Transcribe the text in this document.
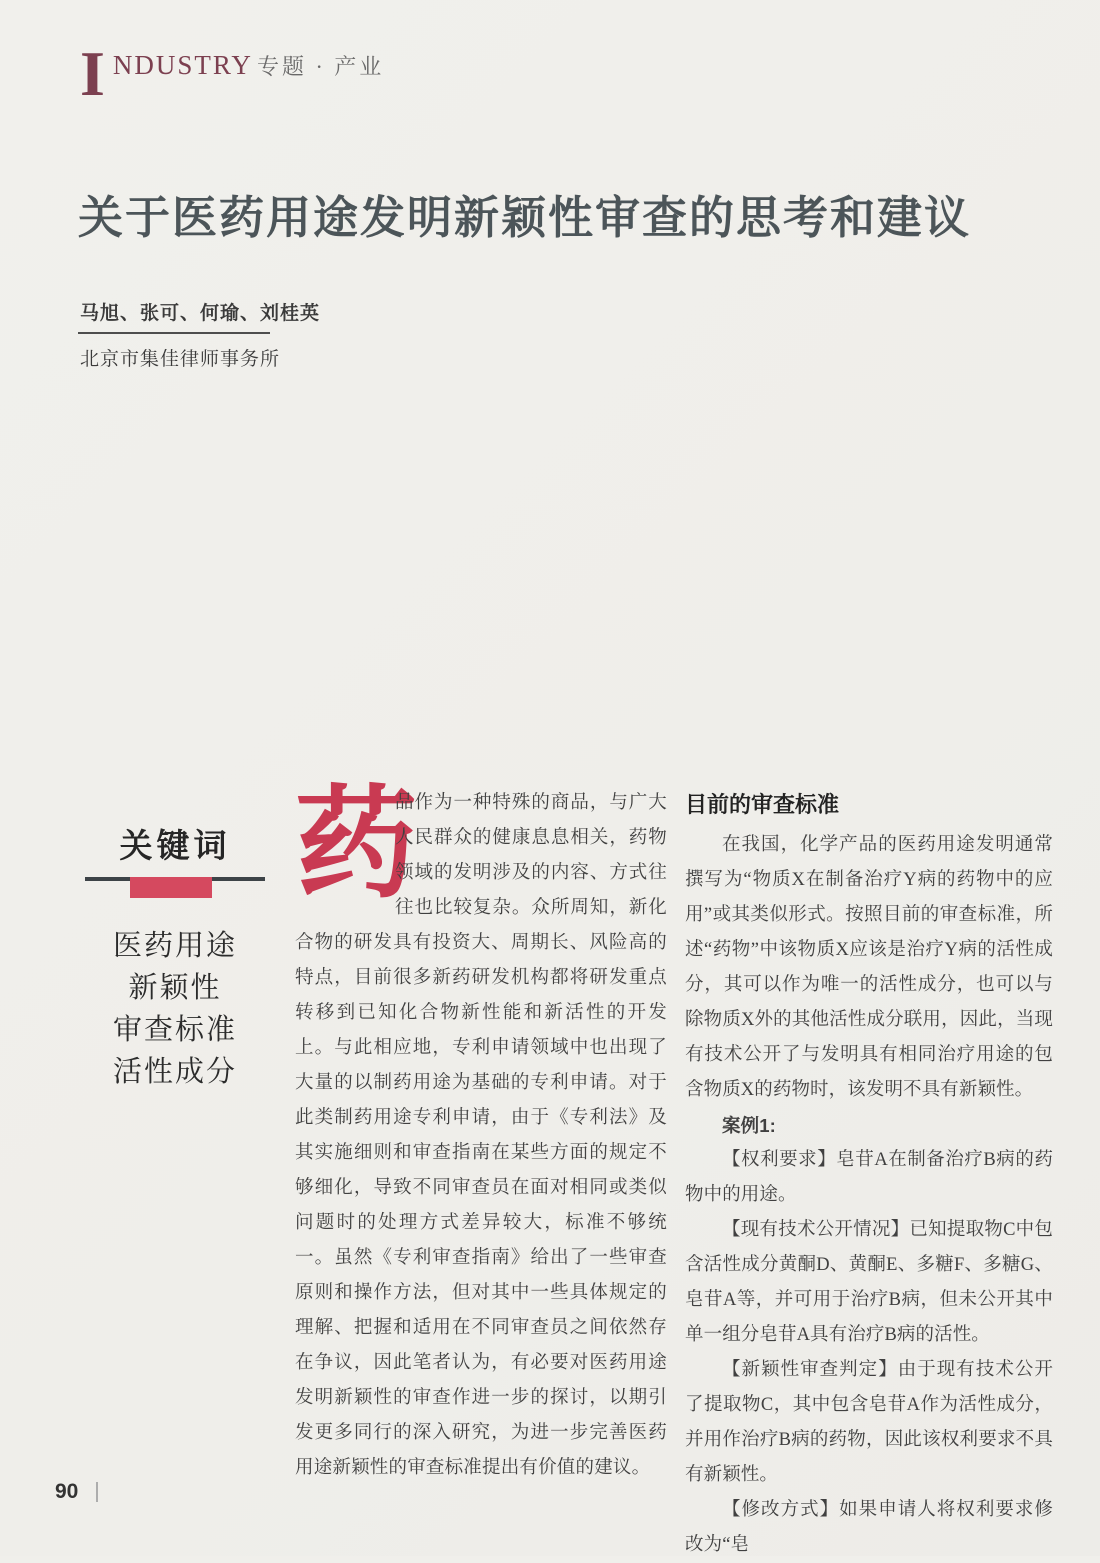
I NDUSTRY 专题 · 产业
关于医药用途发明新颖性审查的思考和建议
马旭、张可、何瑜、刘桂英
北京市集佳律师事务所
关键词
医药用途
新颖性
审查标准
活性成分

药
品作为一种特殊的商品，与广大人民群众的健康息息相关，药物领域的发明涉及的内容、方式往往也比较复杂。众所周知，新化合物的研发具有投资大、周期长、风险高的特点，目前很多新药研发机构都将研发重点转移到已知化合物新性能和新活性的开发上。与此相应地，专利申请领域中也出现了大量的以制药用途为基础的专利申请。对于此类制药用途专利申请，由于《专利法》及其实施细则和审查指南在某些方面的规定不够细化，导致不同审查员在面对相同或类似问题时的处理方式差异较大，标准不够统一。虽然《专利审查指南》给出了一些审查原则和操作方法，但对其中一些具体规定的理解、把握和适用在不同审查员之间依然存在争议，因此笔者认为，有必要对医药用途发明新颖性的审查作进一步的探讨，以期引发更多同行的深入研究，为进一步完善医药用途新颖性的审查标准提出有价值的建议。

目前的审查标准

在我国，化学产品的医药用途发明通常撰写为“物质X在制备治疗Y病的药物中的应用”或其类似形式。按照目前的审查标准，所述“药物”中该物质X应该是治疗Y病的活性成分，其可以作为唯一的活性成分，也可以与除物质X外的其他活性成分联用，因此，当现有技术公开了与发明具有相同治疗用途的包含物质X的药物时，该发明不具有新颖性。

案例1:

【权利要求】皂苷A在制备治疗B病的药物中的用途。

【现有技术公开情况】已知提取物C中包含活性成分黄酮D、黄酮E、多糖F、多糖G、皂苷A等，并可用于治疗B病，但未公开其中单一组分皂苷A具有治疗B病的活性。

【新颖性审查判定】由于现有技术公开了提取物C，其中包含皂苷A作为活性成分，并用作治疗B病的药物，因此该权利要求不具有新颖性。

【修改方式】如果申请人将权利要求修改为“皂

90
